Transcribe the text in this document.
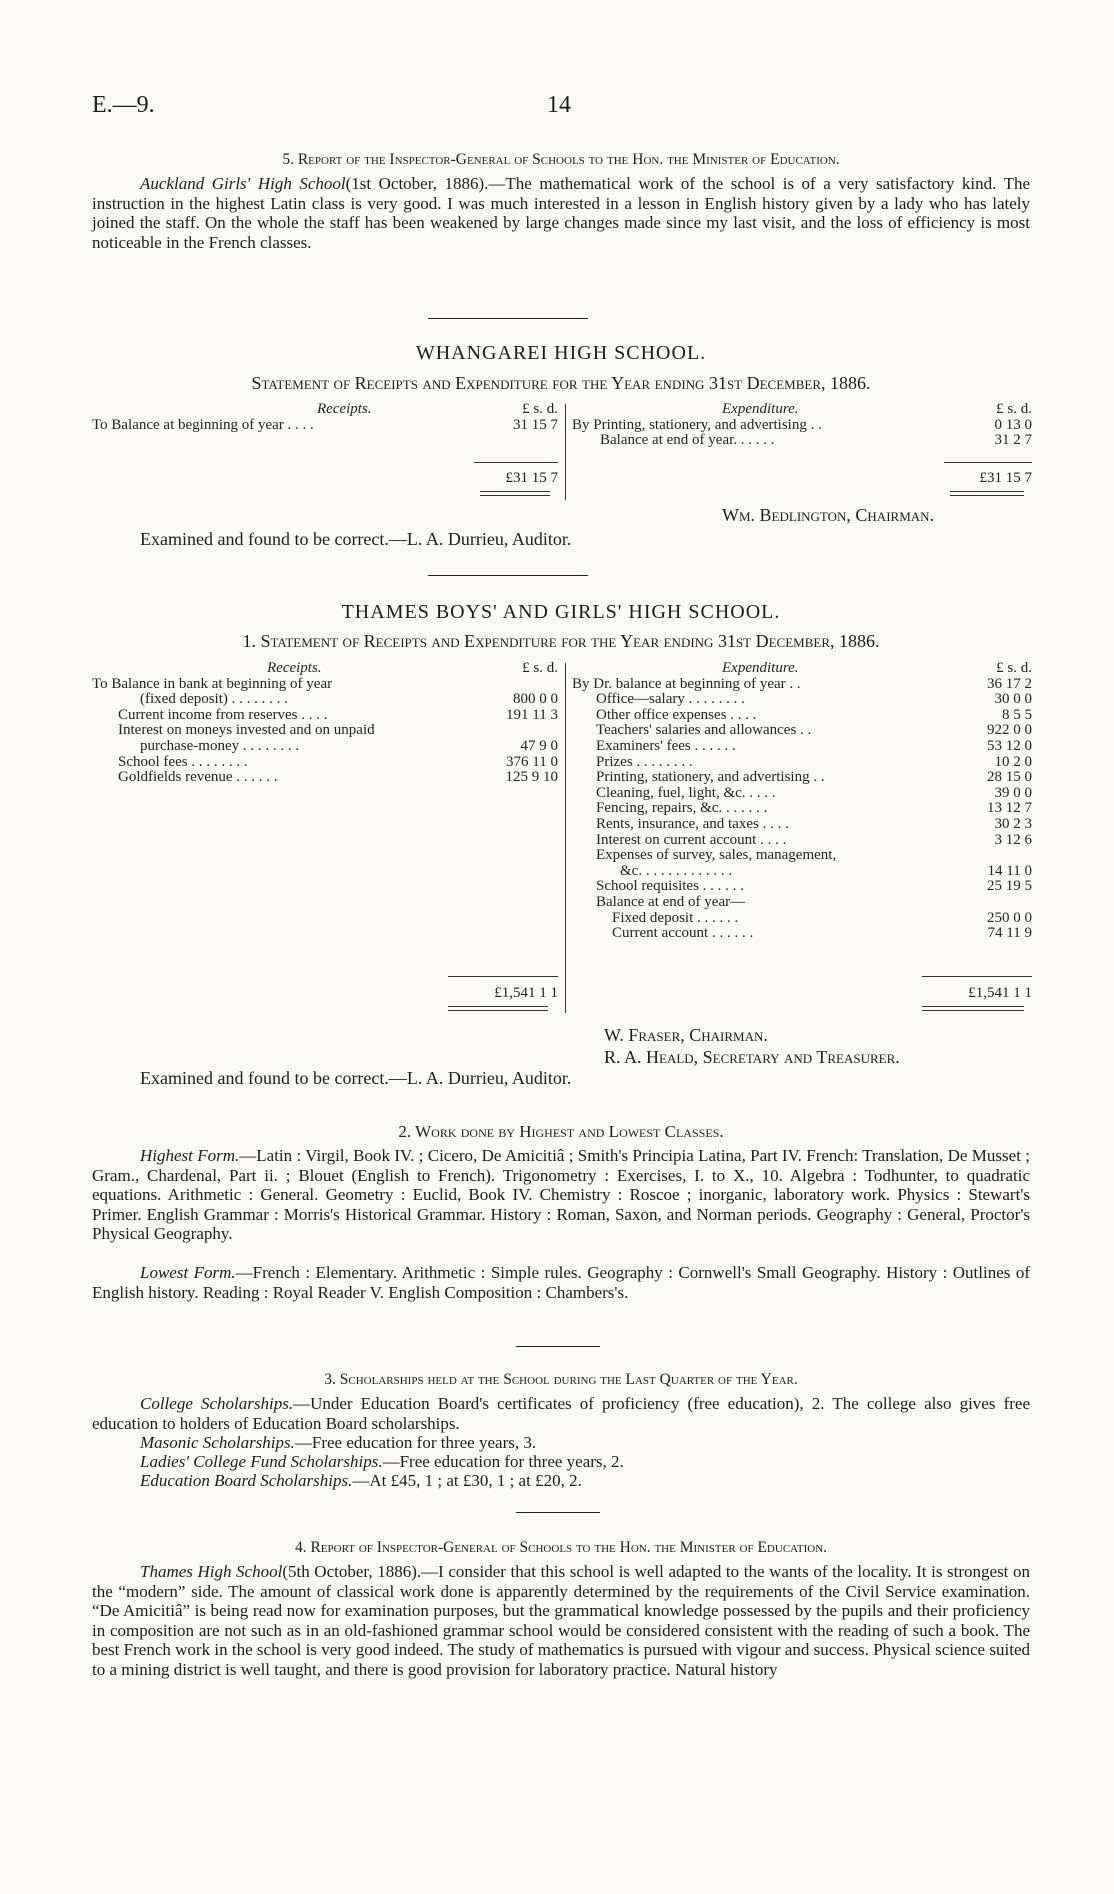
E.—9.	14
5. Report of the Inspector-General of Schools to the Hon. the Minister of Education.
Auckland Girls' High School(1st October, 1886).—The mathematical work of the school is of a very satisfactory kind. The instruction in the highest Latin class is very good. I was much interested in a lesson in English history given by a lady who has lately joined the staff. On the whole the staff has been weakened by large changes made since my last visit, and the loss of efficiency is most noticeable in the French classes.
WHANGAREI HIGH SCHOOL.
Statement of Receipts and Expenditure for the Year ending 31st December, 1886.
Receipts.	£ s. d.
To Balance at beginning of year . . . .	31 15 7
Expenditure.	£ s. d.
By Printing, stationery, and advertising . .	0 13 0
Balance at end of year. . . . . .	31 2 7
£31 15 7	£31 15 7
Wm. Bedlington, Chairman.
Examined and found to be correct.—L. A. Durrieu, Auditor.
THAMES BOYS' AND GIRLS' HIGH SCHOOL.
1. Statement of Receipts and Expenditure for the Year ending 31st December, 1886.
Receipts.	£ s. d.
To Balance in bank at beginning of year
(fixed deposit) . . . . . . . .	800 0 0
Current income from reserves . . . .	191 11 3
Interest on moneys invested and on unpaid
purchase-money . . . . . . . .	47 9 0
School fees . . . . . . . .	376 11 0
Goldfields revenue . . . . . .	125 9 10
Expenditure.	£ s. d.
By Dr. balance at beginning of year . .	36 17 2
Office—salary . . . . . . . .	30 0 0
Other office expenses . . . .	8 5 5
Teachers' salaries and allowances . .	922 0 0
Examiners' fees . . . . . .	53 12 0
Prizes . . . . . . . .	10 2 0
Printing, stationery, and advertising . .	28 15 0
Cleaning, fuel, light, &c. . . . .	39 0 0
Fencing, repairs, &c. . . . . . .	13 12 7
Rents, insurance, and taxes . . . .	30 2 3
Interest on current account . . . .	3 12 6
Expenses of survey, sales, management,
&c. . . . . . . . . . . . .	14 11 0
School requisites . . . . . .	25 19 5
Balance at end of year—
Fixed deposit . . . . . .	250 0 0
Current account . . . . . .	74 11 9
£1,541 1 1	£1,541 1 1
W. Fraser, Chairman.
R. A. Heald, Secretary and Treasurer.
Examined and found to be correct.—L. A. Durrieu, Auditor.
2. Work done by Highest and Lowest Classes.
Highest Form.—Latin : Virgil, Book IV. ; Cicero, De Amicitiâ ; Smith's Principia Latina, Part IV. French: Translation, De Musset ; Gram., Chardenal, Part ii. ; Blouet (English to French). Trigonometry : Exercises, I. to X., 10. Algebra : Todhunter, to quadratic equations. Arithmetic : General. Geometry : Euclid, Book IV. Chemistry : Roscoe ; inorganic, laboratory work. Physics : Stewart's Primer. English Grammar : Morris's Historical Grammar. History : Roman, Saxon, and Norman periods. Geography : General, Proctor's Physical Geography.
Lowest Form.—French : Elementary. Arithmetic : Simple rules. Geography : Cornwell's Small Geography. History : Outlines of English history. Reading : Royal Reader V. English Composition : Chambers's.
3. Scholarships held at the School during the Last Quarter of the Year.
College Scholarships.—Under Education Board's certificates of proficiency (free education), 2. The college also gives free education to holders of Education Board scholarships.
Masonic Scholarships.—Free education for three years, 3.
Ladies' College Fund Scholarships.—Free education for three years, 2.
Education Board Scholarships.—At £45, 1 ; at £30, 1 ; at £20, 2.
4. Report of Inspector-General of Schools to the Hon. the Minister of Education.
Thames High School(5th October, 1886).—I consider that this school is well adapted to the wants of the locality. It is strongest on the “modern” side. The amount of classical work done is apparently determined by the requirements of the Civil Service examination. “De Amicitiâ” is being read now for examination purposes, but the grammatical knowledge possessed by the pupils and their proficiency in composition are not such as in an old-fashioned grammar school would be considered consistent with the reading of such a book. The best French work in the school is very good indeed. The study of mathematics is pursued with vigour and success. Physical science suited to a mining district is well taught, and there is good provision for laboratory practice. Natural history
